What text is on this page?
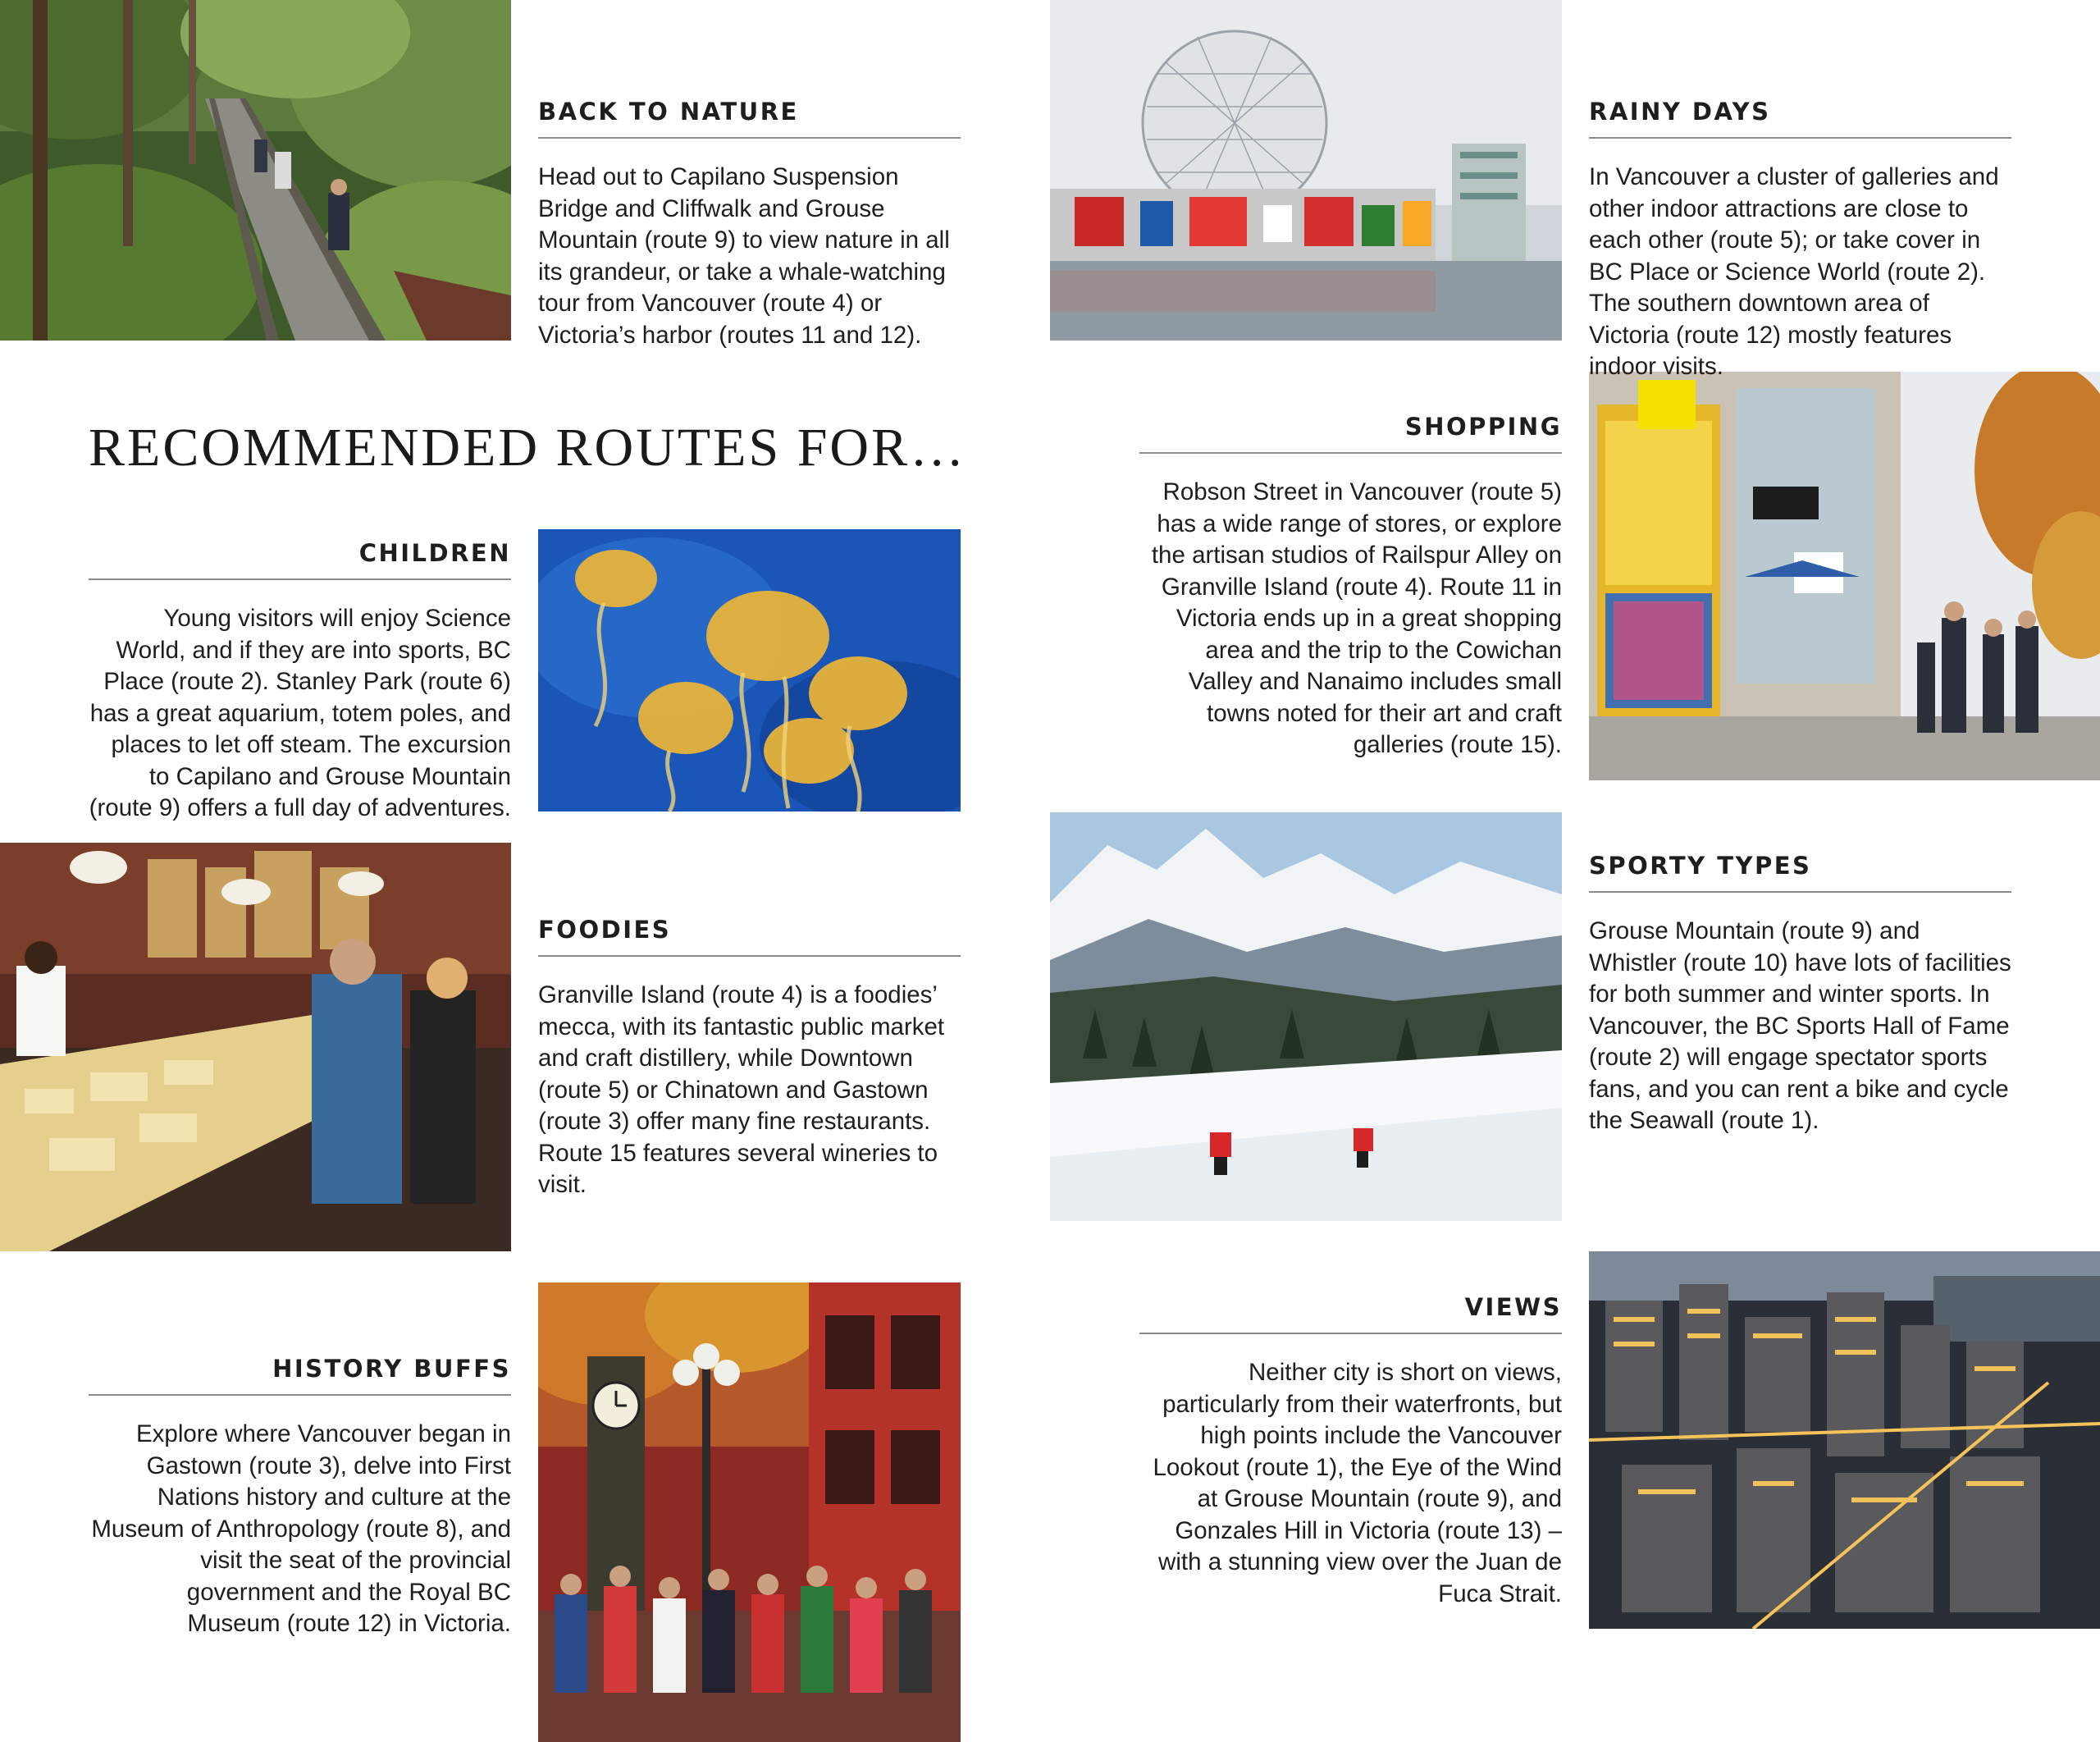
RECOMMENDED ROUTES FOR…
BACK TO NATURE

Head out to Capilano Suspension Bridge and Cliffwalk and Grouse Mountain (route 9) to view nature in all its grandeur, or take a whale-watching tour from Vancouver (route 4) or Victoria’s harbor (routes 11 and 12).

RAINY DAYS

In Vancouver a cluster of galleries and other indoor attractions are close to each other (route 5); or take cover in BC Place or Science World (route 2). The southern downtown area of Victoria (route 12) mostly features indoor visits.

CHILDREN

Young visitors will enjoy Science World, and if they are into sports, BC Place (route 2). Stanley Park (route 6) has a great aquarium, totem poles, and places to let off steam. The excursion to Capilano and Grouse Mountain (route 9) offers a full day of adventures.

SHOPPING

Robson Street in Vancouver (route 5) has a wide range of stores, or explore the artisan studios of Railspur Alley on Granville Island (route 4). Route 11 in Victoria ends up in a great shopping area and the trip to the Cowichan Valley and Nanaimo includes small towns noted for their art and craft galleries (route 15).

FOODIES

Granville Island (route 4) is a foodies’ mecca, with its fantastic public market and craft distillery, while Downtown (route 5) or Chinatown and Gastown (route 3) offer many fine restaurants. Route 15 features several wineries to visit.

SPORTY TYPES

Grouse Mountain (route 9) and Whistler (route 10) have lots of facilities for both summer and winter sports. In Vancouver, the BC Sports Hall of Fame (route 2) will engage spectator sports fans, and you can rent a bike and cycle the Seawall (route 1).

HISTORY BUFFS

Explore where Vancouver began in Gastown (route 3), delve into First Nations history and culture at the Museum of Anthropology (route 8), and visit the seat of the provincial government and the Royal BC Museum (route 12) in Victoria.

VIEWS

Neither city is short on views, particularly from their waterfronts, but high points include the Vancouver Lookout (route 1), the Eye of the Wind at Grouse Mountain (route 9), and Gonzales Hill in Victoria (route 13) – with a stunning view over the Juan de Fuca Strait.
